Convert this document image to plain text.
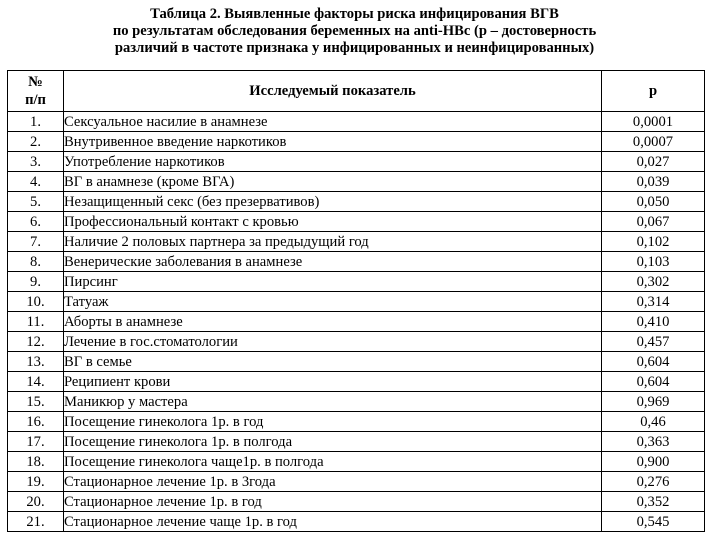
Таблица 2. Выявленные факторы риска инфицирования ВГВ
по результатам обследования беременных на anti-HBc (р – достоверность
различий в частоте признака у инфицированных и неинфицированных)
№
п/п	Исследуемый показатель	р
1.	Сексуальное насилие в анамнезе	0,0001
2.	Внутривенное введение наркотиков	0,0007
3.	Употребление наркотиков	0,027
4.	ВГ в анамнезе (кроме ВГА)	0,039
5.	Незащищенный секс (без презервативов)	0,050
6.	Профессиональный контакт с кровью	0,067
7.	Наличие 2 половых партнера за предыдущий год	0,102
8.	Венерические заболевания в анамнезе	0,103
9.	Пирсинг	0,302
10.	Татуаж	0,314
11.	Аборты в анамнезе	0,410
12.	Лечение в гос.стоматологии	0,457
13.	ВГ в семье	0,604
14.	Реципиент крови	0,604
15.	Маникюр у мастера	0,969
16.	Посещение гинеколога 1р. в год	0,46
17.	Посещение гинеколога 1р. в полгода	0,363
18.	Посещение гинеколога чаще1р. в полгода	0,900
19.	Стационарное лечение 1р. в 3года	0,276
20.	Стационарное лечение 1р. в год	0,352
21.	Стационарное лечение чаще 1р. в год	0,545
